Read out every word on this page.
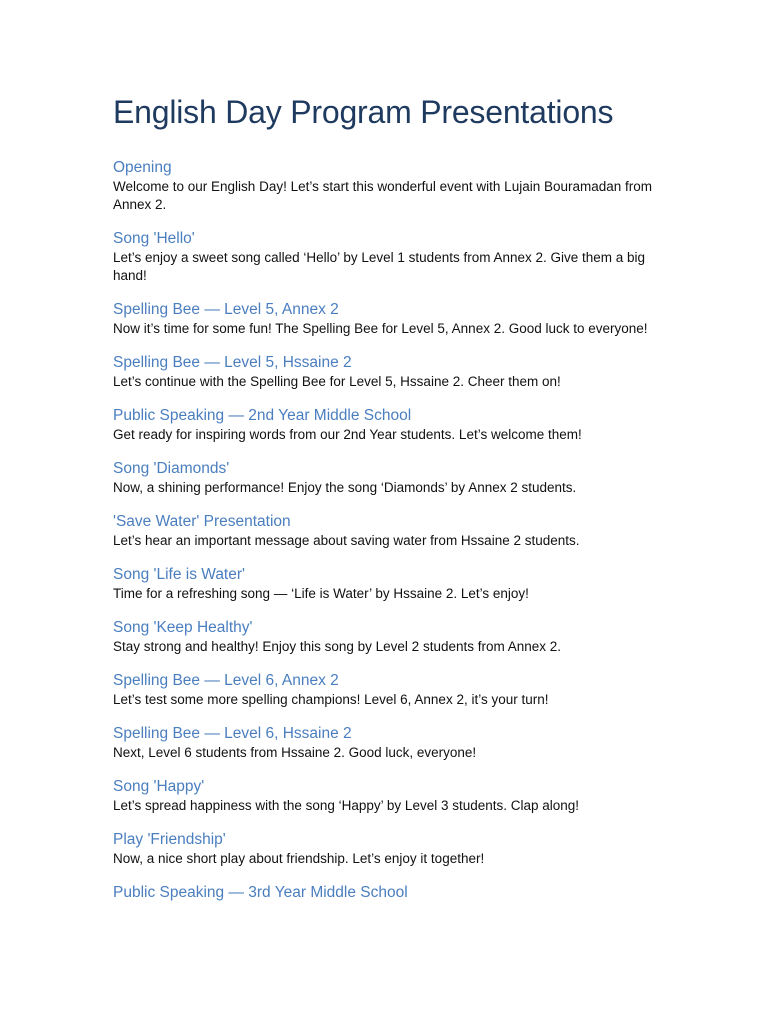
English Day Program Presentations
Opening
Welcome to our English Day! Let’s start this wonderful event with Lujain Bouramadan from Annex 2.
Song 'Hello'
Let’s enjoy a sweet song called ‘Hello’ by Level 1 students from Annex 2. Give them a big hand!
Spelling Bee — Level 5, Annex 2
Now it’s time for some fun! The Spelling Bee for Level 5, Annex 2. Good luck to everyone!
Spelling Bee — Level 5, Hssaine 2
Let’s continue with the Spelling Bee for Level 5, Hssaine 2. Cheer them on!
Public Speaking — 2nd Year Middle School
Get ready for inspiring words from our 2nd Year students. Let’s welcome them!
Song 'Diamonds'
Now, a shining performance! Enjoy the song ‘Diamonds’ by Annex 2 students.
'Save Water' Presentation
Let’s hear an important message about saving water from Hssaine 2 students.
Song 'Life is Water'
Time for a refreshing song — ‘Life is Water’ by Hssaine 2. Let’s enjoy!
Song 'Keep Healthy'
Stay strong and healthy! Enjoy this song by Level 2 students from Annex 2.
Spelling Bee — Level 6, Annex 2
Let’s test some more spelling champions! Level 6, Annex 2, it’s your turn!
Spelling Bee — Level 6, Hssaine 2
Next, Level 6 students from Hssaine 2. Good luck, everyone!
Song 'Happy'
Let’s spread happiness with the song ‘Happy’ by Level 3 students. Clap along!
Play 'Friendship'
Now, a nice short play about friendship. Let’s enjoy it together!
Public Speaking — 3rd Year Middle School
